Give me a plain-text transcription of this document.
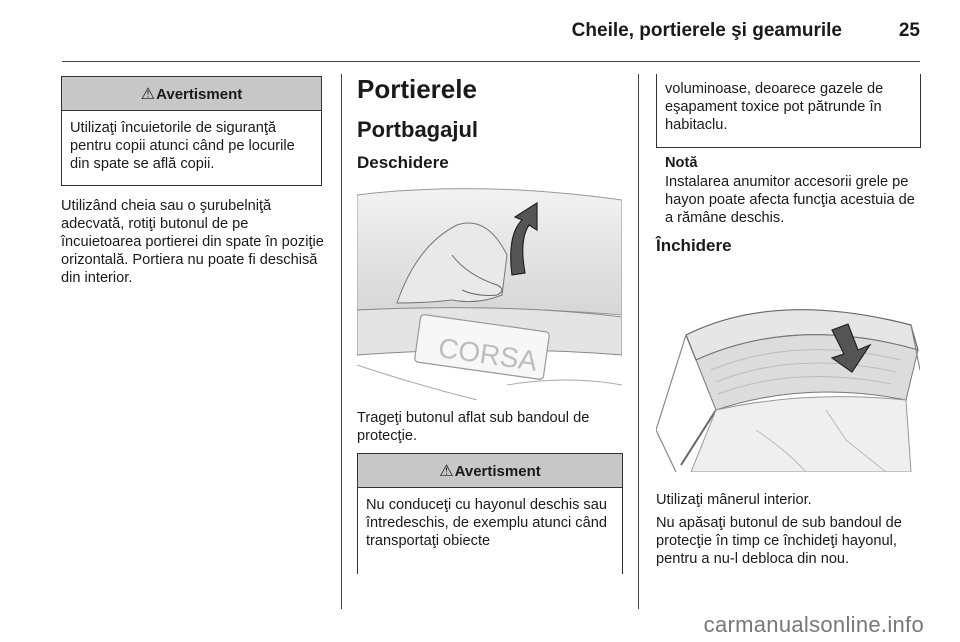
Cheile, portierele şi geamurile	25
⚠Avertisment
Utilizaţi încuietorile de siguranţă pentru copii atunci când pe locurile din spate se află copii.
Utilizând cheia sau o şurubelniţă adecvată, rotiţi butonul de pe încuietoarea portierei din spate în poziţie orizontală. Portiera nu poate fi deschisă din interior.
Portierele
Portbagajul
Deschidere
CORSA
Trageţi butonul aflat sub bandoul de protecţie.
⚠Avertisment
Nu conduceţi cu hayonul deschis sau întredeschis, de exemplu atunci când transportaţi obiecte
voluminoase, deoarece gazele de eşapament toxice pot pătrunde în habitaclu.
Notă
Instalarea anumitor accesorii grele pe hayon poate afecta funcţia acestuia de a rămâne deschis.
Închidere
Utilizaţi mânerul interior.
Nu apăsaţi butonul de sub bandoul de protecţie în timp ce închideţi hayonul, pentru a nu-l debloca din nou.
carmanualsonline.info
